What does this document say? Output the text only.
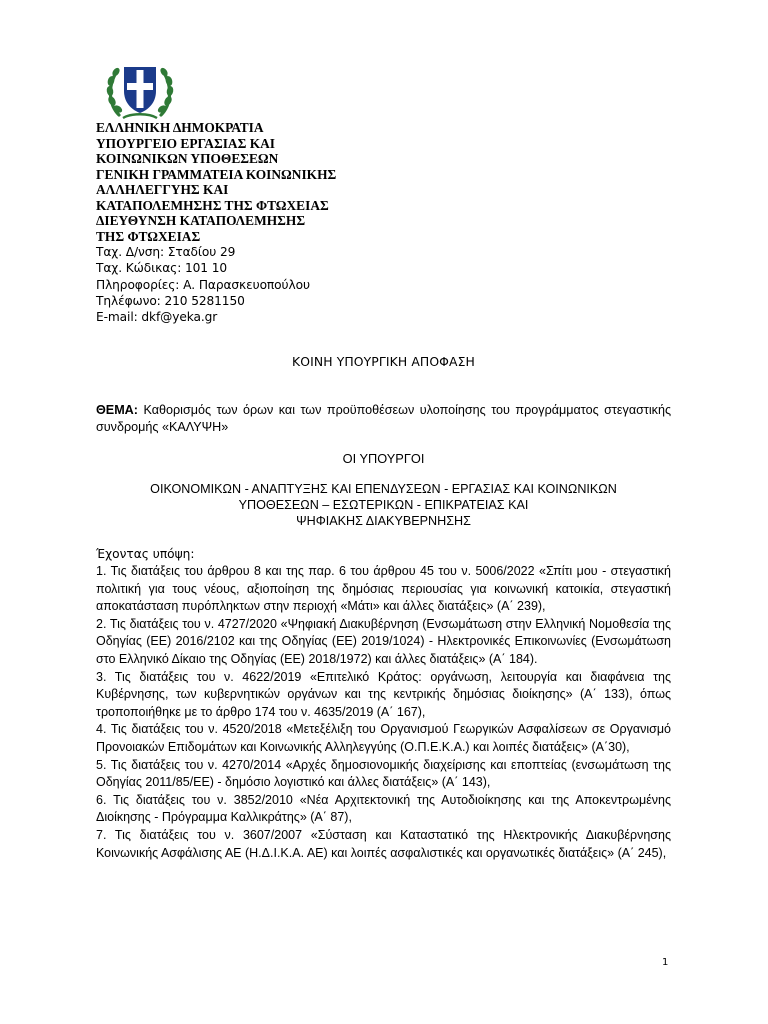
ΕΛΛΗΝΙΚΗ ΔΗΜΟΚΡΑΤΙΑ
ΥΠΟΥΡΓΕΙΟ ΕΡΓΑΣΙΑΣ ΚΑΙ
ΚΟΙΝΩΝΙΚΩΝ ΥΠΟΘΕΣΕΩΝ
ΓΕΝΙΚΗ ΓΡΑΜΜΑΤΕΙΑ ΚΟΙΝΩΝΙΚΗΣ
ΑΛΛΗΛΕΓΓΥΗΣ ΚΑΙ
ΚΑΤΑΠΟΛΕΜΗΣΗΣ ΤΗΣ ΦΤΩΧΕΙΑΣ
ΔΙΕΥΘΥΝΣΗ ΚΑΤΑΠΟΛΕΜΗΣΗΣ
ΤΗΣ ΦΤΩΧΕΙΑΣ
Ταχ. Δ/νση: Σταδίου 29
Ταχ. Κώδικας: 101 10
Πληροφορίες: Α. Παρασκευοπούλου
Τηλέφωνο: 210 5281150
E-mail: dkf@yeka.gr
ΚΟΙΝΗ ΥΠΟΥΡΓΙΚΗ ΑΠΟΦΑΣΗ
ΘΕΜΑ: Καθορισμός των όρων και των προϋποθέσεων υλοποίησης του προγράμματος στεγαστικής συνδρομής «ΚΑΛΥΨΗ»
ΟΙ ΥΠΟΥΡΓΟΙ
ΟΙΚΟΝΟΜΙΚΩΝ - ΑΝΑΠΤΥΞΗΣ ΚΑΙ ΕΠΕΝΔΥΣΕΩΝ - ΕΡΓΑΣΙΑΣ ΚΑΙ ΚΟΙΝΩΝΙΚΩΝ
ΥΠΟΘΕΣΕΩΝ – ΕΣΩΤΕΡΙΚΩΝ - ΕΠΙΚΡΑΤΕΙΑΣ ΚΑΙ
ΨΗΦΙΑΚΗΣ ΔΙΑΚΥΒΕΡΝΗΣΗΣ
Έχοντας υπόψη:

1. Τις διατάξεις του άρθρου 8 και της παρ. 6 του άρθρου 45 του ν. 5006/2022 «Σπίτι μου - στεγαστική πολιτική για τους νέους, αξιοποίηση της δημόσιας περιουσίας για κοινωνική κατοικία, στεγαστική αποκατάσταση πυρόπληκτων στην περιοχή «Μάτι» και άλλες διατάξεις» (Α΄ 239),

2. Τις διατάξεις του ν. 4727/2020 «Ψηφιακή Διακυβέρνηση (Ενσωμάτωση στην Ελληνική Νομοθεσία της Οδηγίας (ΕΕ) 2016/2102 και της Οδηγίας (ΕΕ) 2019/1024) - Ηλεκτρονικές Επικοινωνίες (Ενσωμάτωση στο Ελληνικό Δίκαιο της Οδηγίας (ΕΕ) 2018/1972) και άλλες διατάξεις» (Α΄ 184).

3. Τις διατάξεις του ν. 4622/2019 «Επιτελικό Κράτος: οργάνωση, λειτουργία και διαφάνεια της Κυβέρνησης, των κυβερνητικών οργάνων και της κεντρικής δημόσιας διοίκησης» (Α΄ 133), όπως τροποποιήθηκε με το άρθρο 174 του ν. 4635/2019 (Α΄ 167),

4. Τις διατάξεις του ν. 4520/2018 «Μετεξέλιξη του Οργανισμού Γεωργικών Ασφαλίσεων σε Οργανισμό Προνοιακών Επιδομάτων και Κοινωνικής Αλληλεγγύης (Ο.Π.Ε.Κ.Α.) και λοιπές διατάξεις» (Α΄30),

5. Τις διατάξεις του ν. 4270/2014 «Αρχές δημοσιονομικής διαχείρισης και εποπτείας (ενσωμάτωση της Οδηγίας 2011/85/ΕΕ) - δημόσιο λογιστικό και άλλες διατάξεις» (Α΄ 143),

6. Τις διατάξεις του ν. 3852/2010 «Νέα Αρχιτεκτονική της Αυτοδιοίκησης και της Αποκεντρωμένης Διοίκησης - Πρόγραμμα Καλλικράτης» (Α΄ 87),

7. Τις διατάξεις του ν. 3607/2007 «Σύσταση και Καταστατικό της Ηλεκτρονικής Διακυβέρνησης Κοινωνικής Ασφάλισης ΑΕ (Η.Δ.Ι.Κ.Α. ΑΕ) και λοιπές ασφαλιστικές και οργανωτικές διατάξεις» (Α΄ 245),

1
